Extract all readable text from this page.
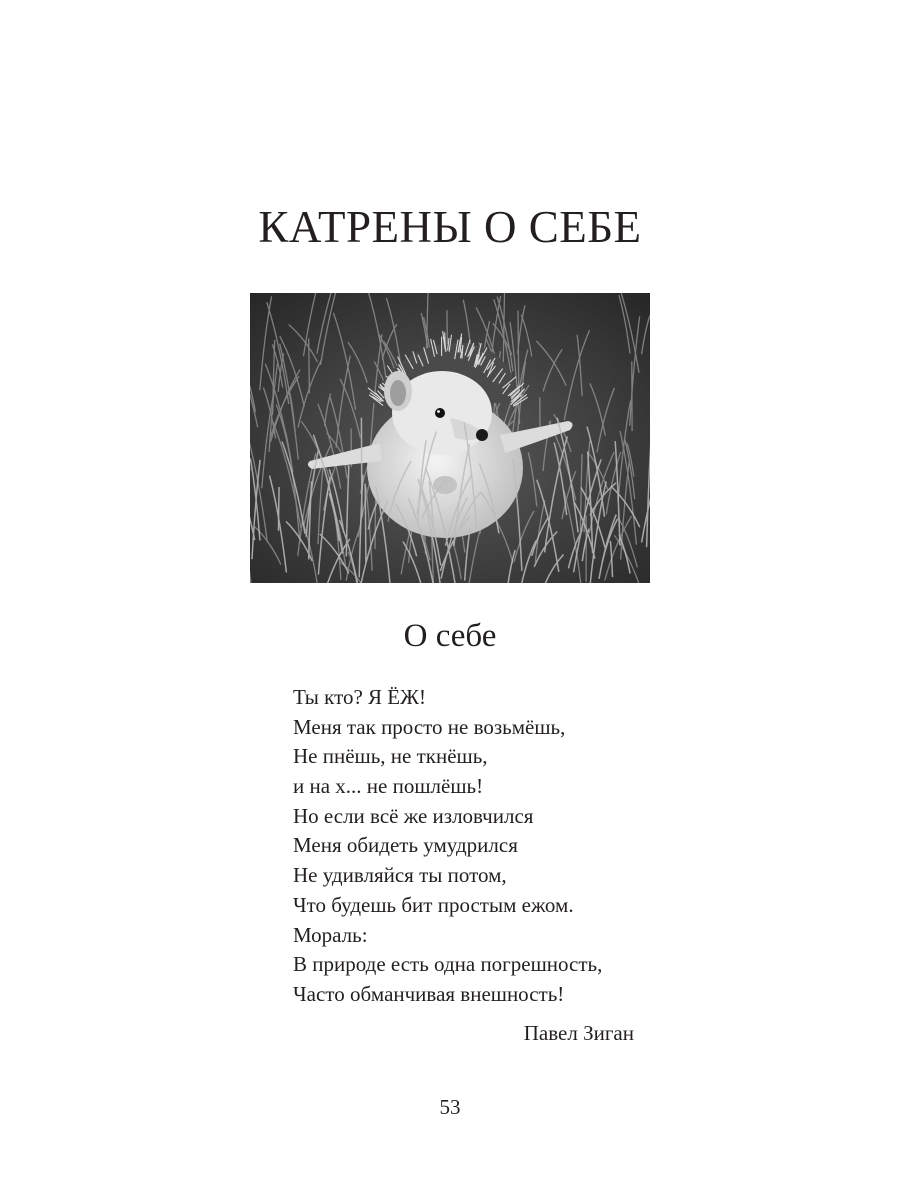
КАТРЕНЫ О СЕБЕ
О себе
Ты кто? Я ЁЖ!
Меня так просто не возьмёшь,
Не пнёшь, не ткнёшь,
и на х... не пошлёшь!
Но если всё же изловчился
Меня обидеть умудрился
Не удивляйся ты потом,
Что будешь бит простым ежом.
Мораль:
В природе есть одна погрешность,
Часто обманчивая внешность!
Павел Зиган
53
